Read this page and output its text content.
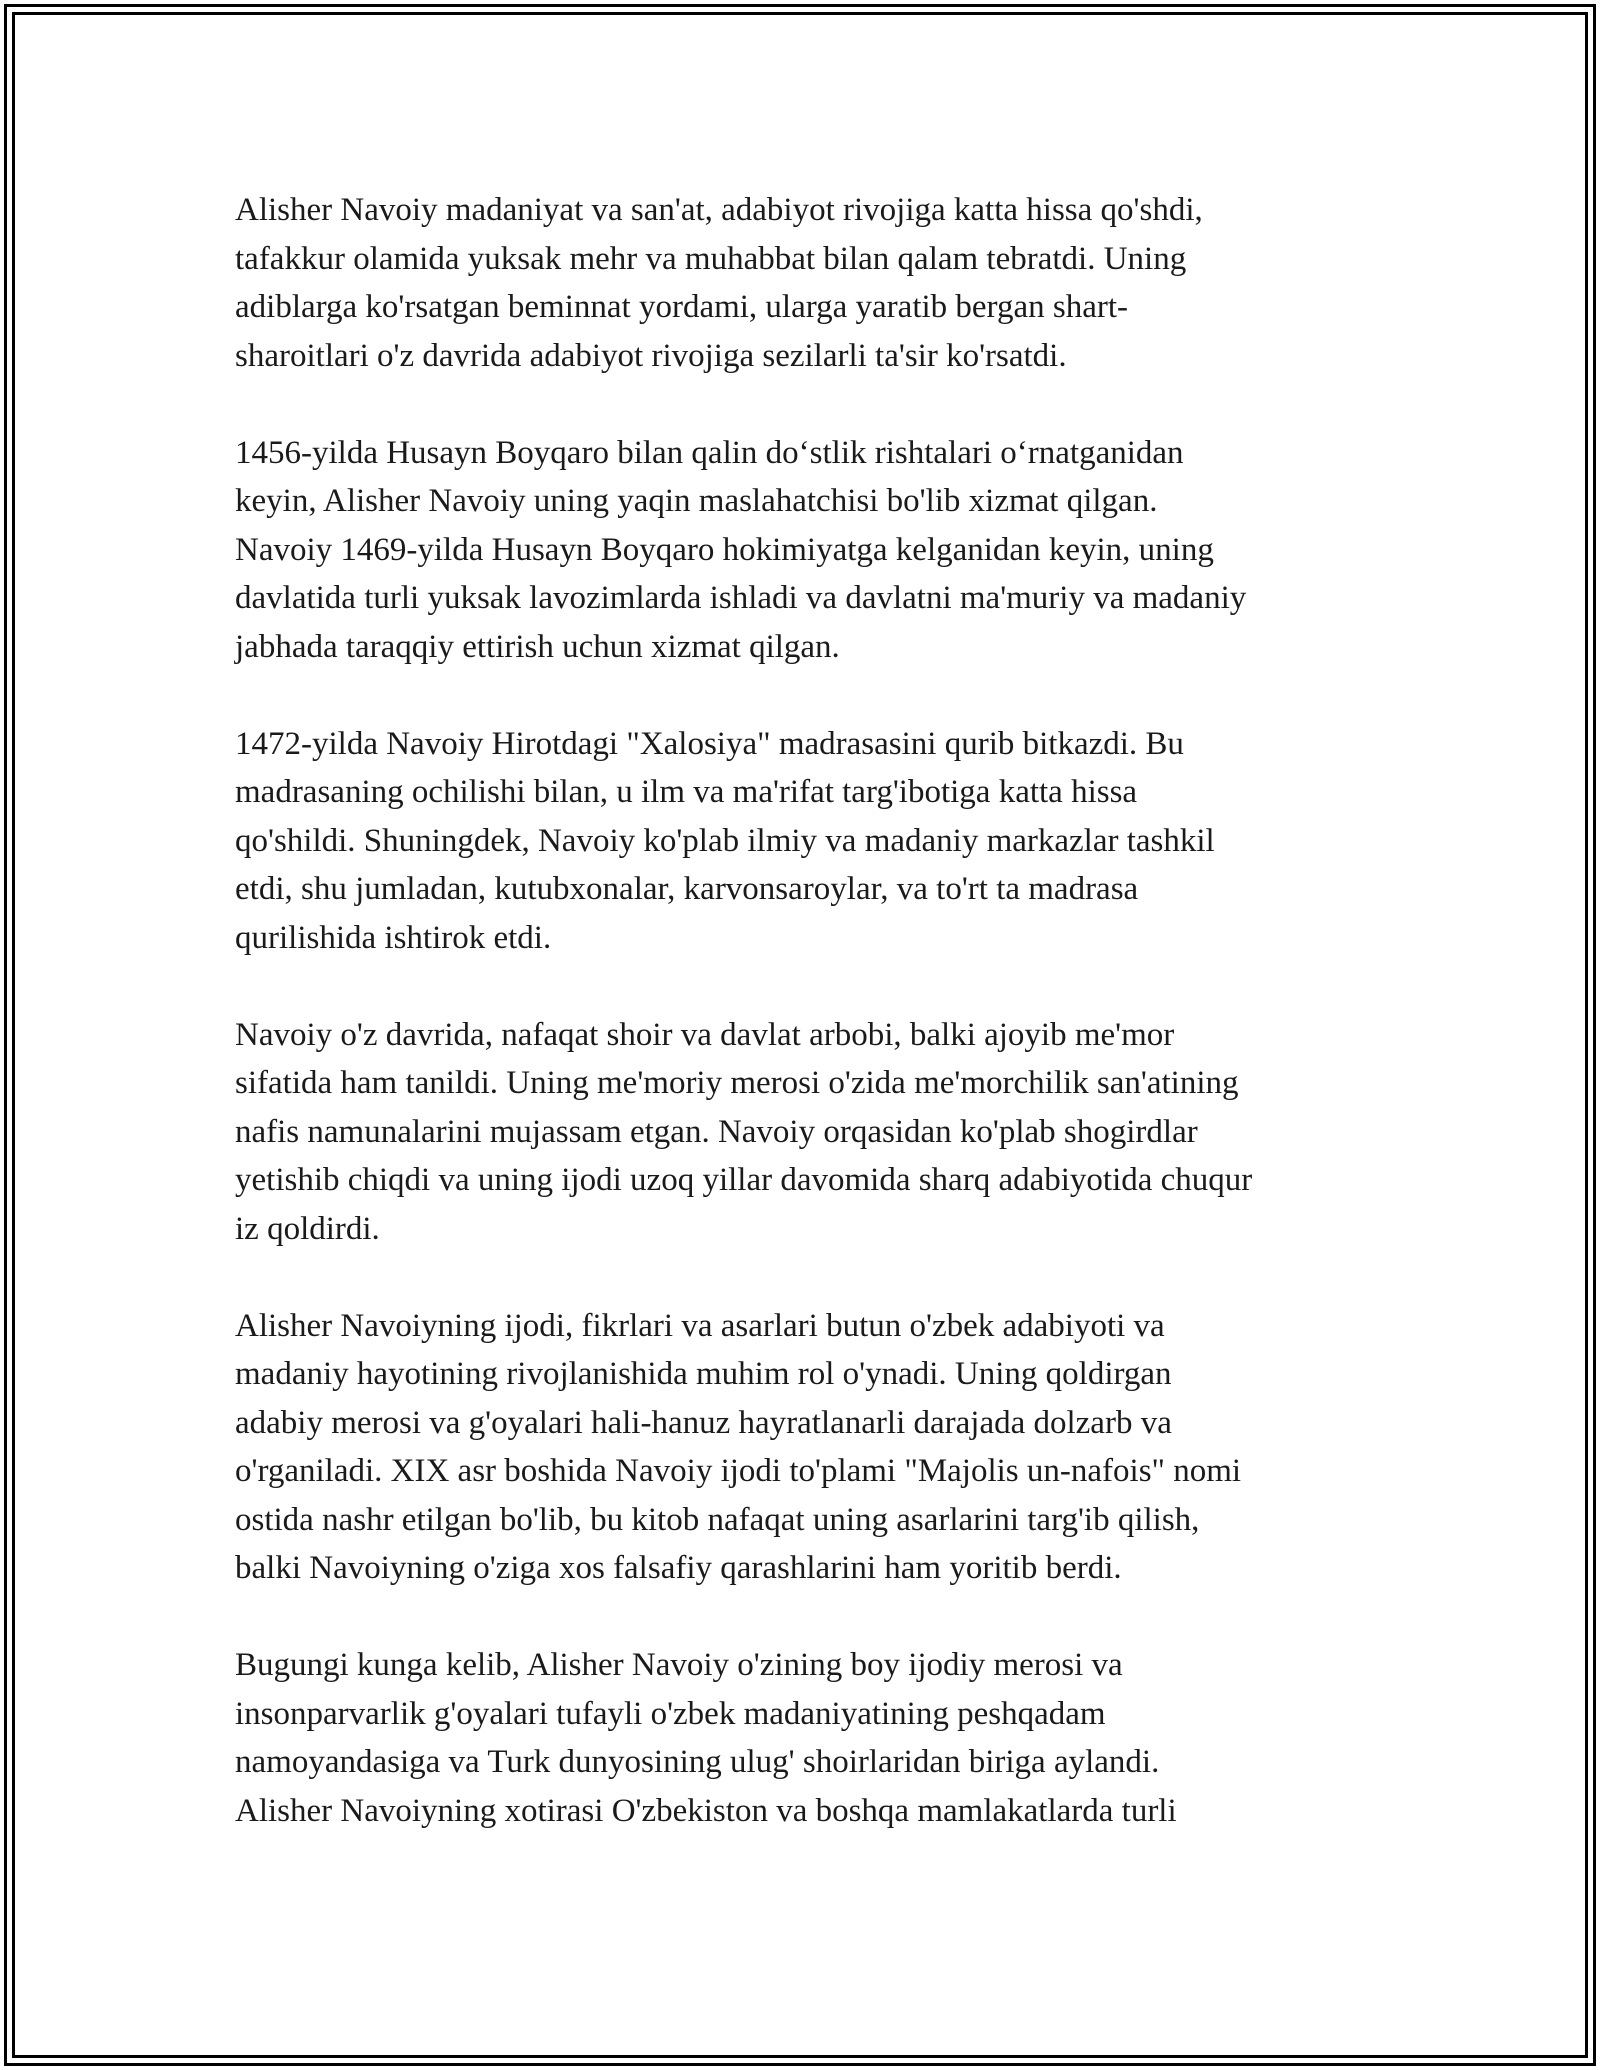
Alisher Navoiy madaniyat va san'at, adabiyot rivojiga katta hissa qo'shdi,
tafakkur olamida yuksak mehr va muhabbat bilan qalam tebratdi. Uning
adiblarga ko'rsatgan beminnat yordami, ularga yaratib bergan shart-
sharoitlari o'z davrida adabiyot rivojiga sezilarli ta'sir ko'rsatdi.

1456-yilda Husayn Boyqaro bilan qalin do‘stlik rishtalari o‘rnatganidan
keyin, Alisher Navoiy uning yaqin maslahatchisi bo'lib xizmat qilgan.
Navoiy 1469-yilda Husayn Boyqaro hokimiyatga kelganidan keyin, uning
davlatida turli yuksak lavozimlarda ishladi va davlatni ma'muriy va madaniy
jabhada taraqqiy ettirish uchun xizmat qilgan.

1472-yilda Navoiy Hirotdagi "Xalosiya" madrasasini qurib bitkazdi. Bu
madrasaning ochilishi bilan, u ilm va ma'rifat targ'ibotiga katta hissa
qo'shildi. Shuningdek, Navoiy ko'plab ilmiy va madaniy markazlar tashkil
etdi, shu jumladan, kutubxonalar, karvonsaroylar, va to'rt ta madrasa
qurilishida ishtirok etdi.

Navoiy o'z davrida, nafaqat shoir va davlat arbobi, balki ajoyib me'mor
sifatida ham tanildi. Uning me'moriy merosi o'zida me'morchilik san'atining
nafis namunalarini mujassam etgan. Navoiy orqasidan ko'plab shogirdlar
yetishib chiqdi va uning ijodi uzoq yillar davomida sharq adabiyotida chuqur
iz qoldirdi.

Alisher Navoiyning ijodi, fikrlari va asarlari butun o'zbek adabiyoti va
madaniy hayotining rivojlanishida muhim rol o'ynadi. Uning qoldirgan
adabiy merosi va g'oyalari hali-hanuz hayratlanarli darajada dolzarb va
o'rganiladi. XIX asr boshida Navoiy ijodi to'plami "Majolis un-nafois" nomi
ostida nashr etilgan bo'lib, bu kitob nafaqat uning asarlarini targ'ib qilish,
balki Navoiyning o'ziga xos falsafiy qarashlarini ham yoritib berdi.

Bugungi kunga kelib, Alisher Navoiy o'zining boy ijodiy merosi va
insonparvarlik g'oyalari tufayli o'zbek madaniyatining peshqadam
namoyandasiga va Turk dunyosining ulug' shoirlaridan biriga aylandi.
Alisher Navoiyning xotirasi O'zbekiston va boshqa mamlakatlarda turli
